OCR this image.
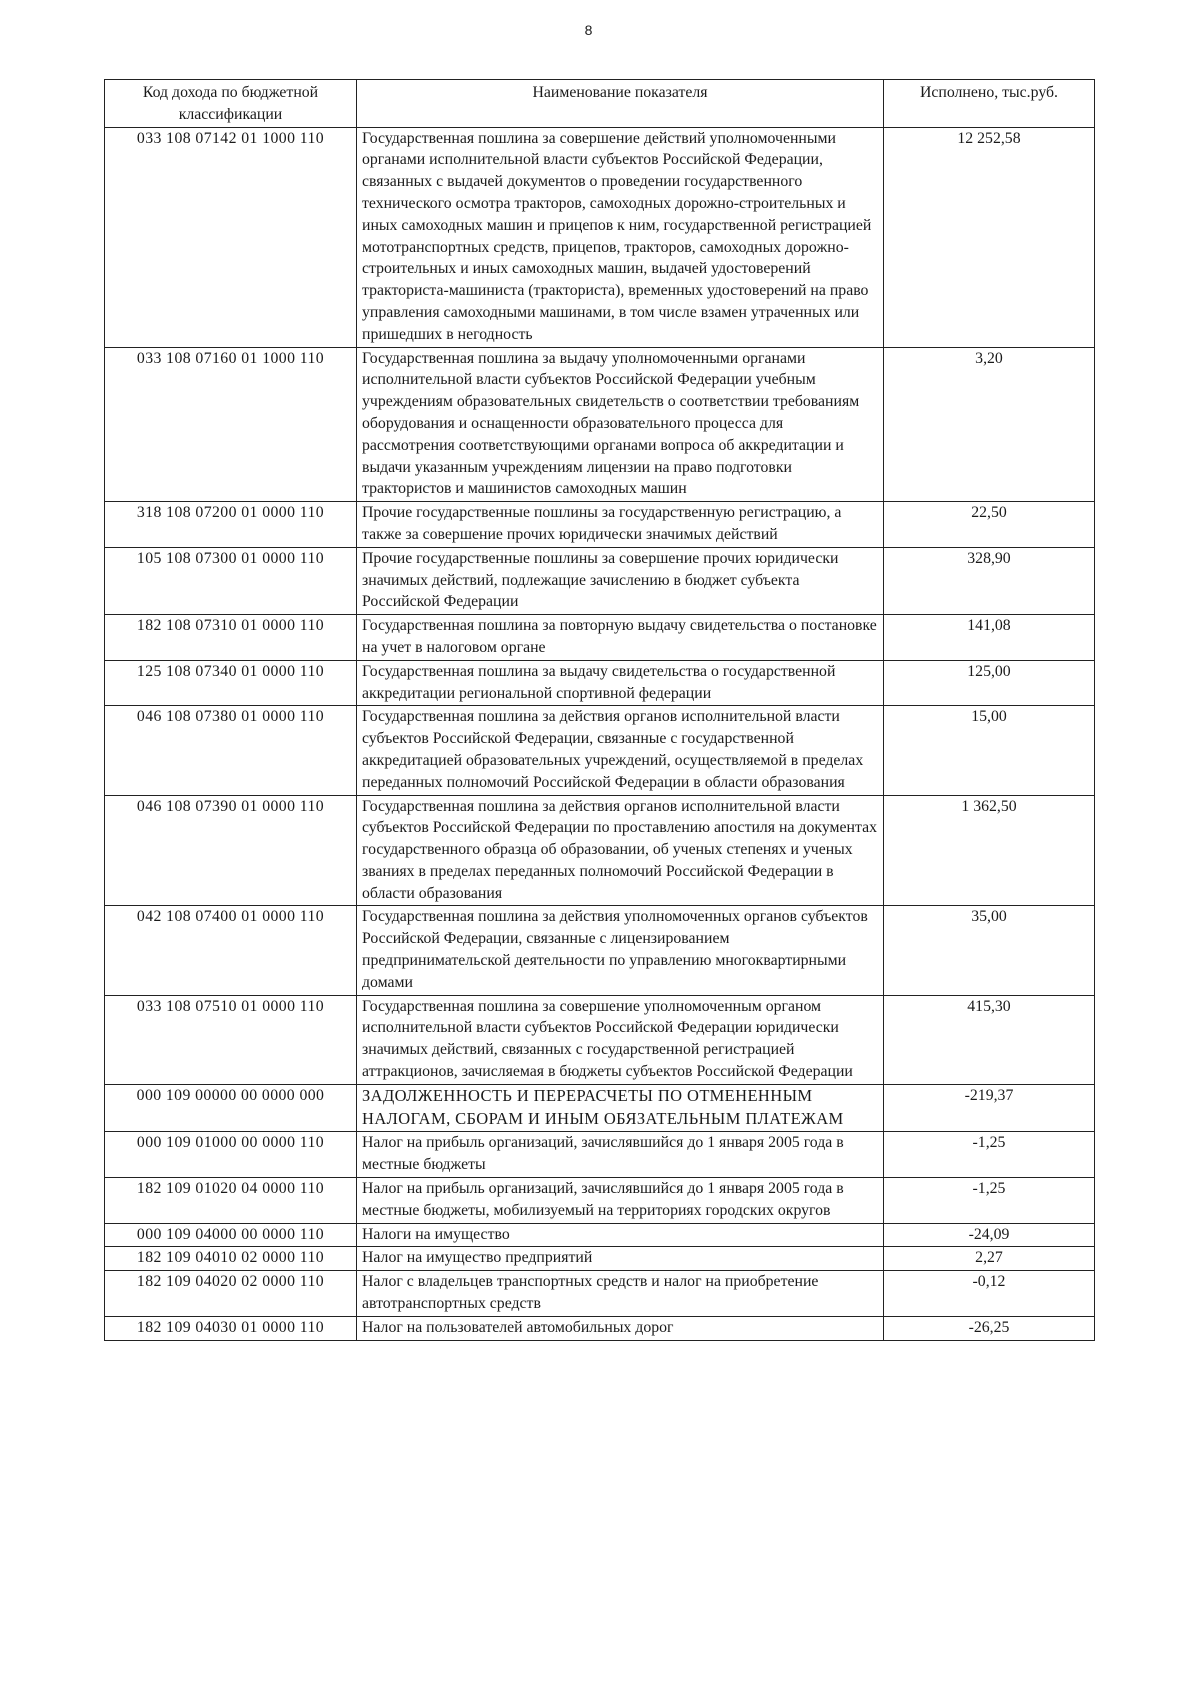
8
Код дохода по бюджетной классификации	Наименование показателя	Исполнено, тыс.руб.
033 108 07142 01 1000 110	Государственная пошлина за совершение действий уполномоченными органами исполнительной власти субъектов Российской Федерации, связанных с выдачей документов о проведении государственного технического осмотра тракторов, самоходных дорожно-строительных и иных самоходных машин и прицепов к ним, государственной регистрацией мототранспортных средств, прицепов, тракторов, самоходных дорожно-строительных и иных самоходных машин, выдачей удостоверений тракториста-машиниста (тракториста), временных удостоверений на право управления самоходными машинами, в том числе взамен утраченных или пришедших в негодность	12 252,58
033 108 07160 01 1000 110	Государственная пошлина за выдачу уполномоченными органами исполнительной власти субъектов Российской Федерации учебным учреждениям образовательных свидетельств о соответствии требованиям оборудования и оснащенности образовательного процесса для рассмотрения соответствующими органами вопроса об аккредитации и выдачи указанным учреждениям лицензии на право подготовки трактористов и машинистов самоходных машин	3,20
318 108 07200 01 0000 110	Прочие государственные пошлины за государственную регистрацию, а также за совершение прочих юридически значимых действий	22,50
105 108 07300 01 0000 110	Прочие государственные пошлины за совершение прочих юридически значимых действий, подлежащие зачислению в бюджет субъекта Российской Федерации	328,90
182 108 07310 01 0000 110	Государственная пошлина за повторную выдачу свидетельства о постановке на учет в налоговом органе	141,08
125 108 07340 01 0000 110	Государственная пошлина за выдачу свидетельства о государственной аккредитации региональной спортивной федерации	125,00
046 108 07380 01 0000 110	Государственная пошлина за действия органов исполнительной власти субъектов Российской Федерации, связанные с государственной аккредитацией образовательных учреждений, осуществляемой в пределах переданных полномочий Российской Федерации в области образования	15,00
046 108 07390 01 0000 110	Государственная пошлина за действия органов исполнительной власти субъектов Российской Федерации по проставлению апостиля на документах государственного образца об образовании, об ученых степенях и ученых званиях в пределах переданных полномочий Российской Федерации в области образования	1 362,50
042 108 07400 01 0000 110	Государственная пошлина за действия уполномоченных органов субъектов Российской Федерации, связанные с лицензированием предпринимательской деятельности по управлению многоквартирными домами	35,00
033 108 07510 01 0000 110	Государственная пошлина за совершение уполномоченным органом исполнительной власти субъектов Российской Федерации юридически значимых действий, связанных с государственной регистрацией аттракционов, зачисляемая в бюджеты субъектов Российской Федерации	415,30
000 109 00000 00 0000 000	ЗАДОЛЖЕННОСТЬ И ПЕРЕРАСЧЕТЫ ПО ОТМЕНЕННЫМ НАЛОГАМ, СБОРАМ И ИНЫМ ОБЯЗАТЕЛЬНЫМ ПЛАТЕЖАМ	-219,37
000 109 01000 00 0000 110	Налог на прибыль организаций, зачислявшийся до 1 января 2005 года в местные бюджеты	-1,25
182 109 01020 04 0000 110	Налог на прибыль организаций, зачислявшийся до 1 января 2005 года в местные бюджеты, мобилизуемый на территориях городских округов	-1,25
000 109 04000 00 0000 110	Налоги на имущество	-24,09
182 109 04010 02 0000 110	Налог на имущество предприятий	2,27
182 109 04020 02 0000 110	Налог с владельцев транспортных средств и налог на приобретение автотранспортных средств	-0,12
182 109 04030 01 0000 110	Налог на пользователей автомобильных дорог	-26,25
